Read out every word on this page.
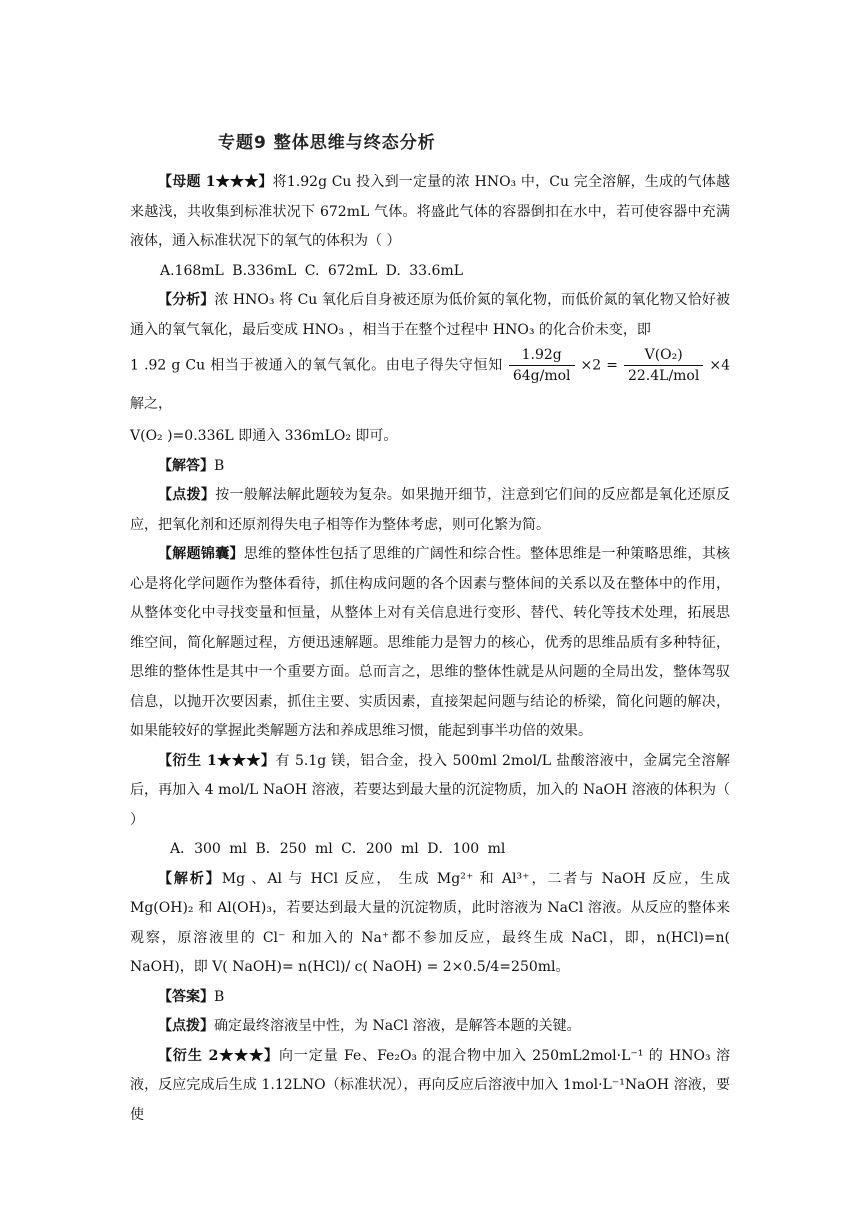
专题9 整体思维与终态分析

【母题 1★★★】将1.92g Cu 投入到一定量的浓 HNO₃ 中，Cu 完全溶解，生成的气体越来越浅，共收集到标准状况下 672mL 气体。将盛此气体的容器倒扣在水中，若可使容器中充满液体，通入标准状况下的氧气的体积为（ ）

A.168mL B.336mL C. 672mL D. 33.6mL

【分析】浓 HNO₃ 将 Cu 氧化后自身被还原为低价氮的氧化物，而低价氮的氧化物又恰好被通入的氧气氧化，最后变成 HNO₃ ，相当于在整个过程中 HNO₃ 的化合价未变，即

1 .92 g Cu 相当于被通入的氧气氧化。由电子得失守恒知 $\frac{1.92g}{\text{64g/mol}} \times 2 = \frac{\text{V(O₂)}}{\text{22.4L/mol}} \times 4$ 解之，

V(O₂ )=0.336L 即通入 336mLO₂ 即可。

【解答】B

【点拨】按一般解法解此题较为复杂。如果抛开细节，注意到它们间的反应都是氧化还原反应，把氧化剂和还原剂得失电子相等作为整体考虑，则可化繁为简。

【解题锦囊】思维的整体性包括了思维的广阔性和综合性。整体思维是一种策略思维，其核心是将化学问题作为整体看待，抓住构成问题的各个因素与整体间的关系以及在整体中的作用，从整体变化中寻找变量和恒量，从整体上对有关信息进行变形、替代、转化等技术处理，拓展思维空间，简化解题过程，方便迅速解题。思维能力是智力的核心，优秀的思维品质有多种特征，思维的整体性是其中一个重要方面。总而言之，思维的整体性就是从问题的全局出发，整体驾驭信息，以抛开次要因素，抓住主要、实质因素，直接架起问题与结论的桥梁，简化问题的解决，如果能较好的掌握此类解题方法和养成思维习惯，能起到事半功倍的效果。

【衍生 1★★★】有 5.1g 镁，铝合金，投入 500ml 2mol/L 盐酸溶液中，金属完全溶解后，再加入 4 mol/L NaOH 溶液，若要达到最大量的沉淀物质，加入的 NaOH 溶液的体积为（ ）

A．300 ml B．250 ml C．200 ml D．100 ml

【解析】Mg 、Al 与 HCl 反应， 生成 Mg²⁺ 和 Al³⁺，二者与 NaOH 反应，生成 Mg(OH)₂ 和 Al(OH)₃，若要达到最大量的沉淀物质，此时溶液为 NaCl 溶液。从反应的整体来观察，原溶液里的 Cl⁻ 和加入的 Na⁺都不参加反应，最终生成 NaCl，即，n(HCl)=n( NaOH)，即 V( NaOH)= n(HCl)/ c( NaOH) = 2×0.5/4=250ml。

【答案】B

【点拨】确定最终溶液呈中性，为 NaCl 溶液，是解答本题的关键。

【衍生 2★★★】向一定量 Fe、Fe₂O₃ 的混合物中加入 250mL2mol·L⁻¹ 的 HNO₃ 溶液，反应完成后生成 1.12LNO（标准状况），再向反应后溶液中加入 1mol·L⁻¹NaOH 溶液，要使
